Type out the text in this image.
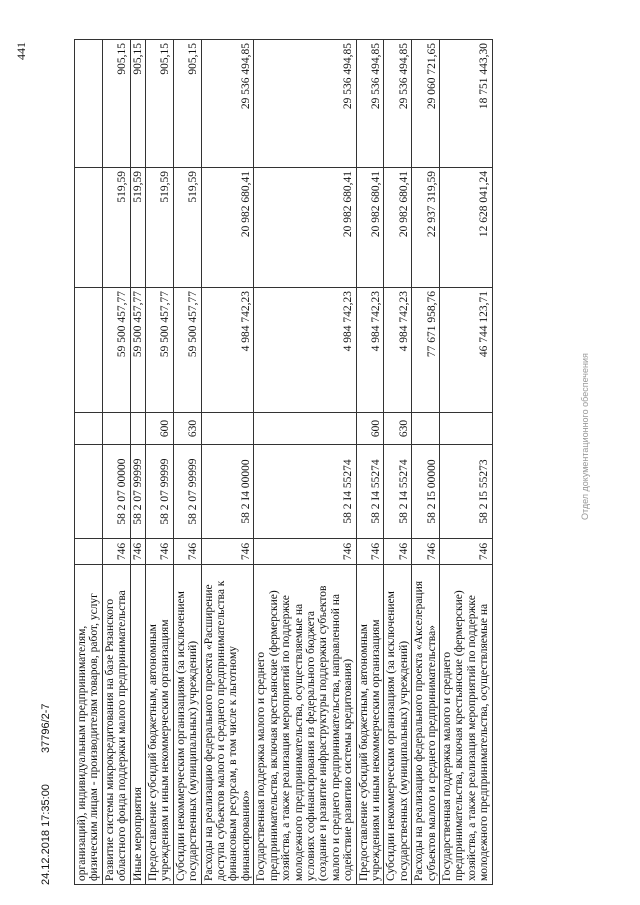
441
организаций), индивидуальным предпринимателям, физическим лицам - производителям товаров, работ, услуг						
Развитие системы микрокредитования на базе Рязанского областного фонда поддержки малого предпринимательства	746	58 2 07 00000		59 500 457,77	519,59	905,15
Иные мероприятия	746	58 2 07 99999		59 500 457,77	519,59	905,15
Предоставление субсидий бюджетным, автономным учреждениям и иным некоммерческим организациям	746	58 2 07 99999	600	59 500 457,77	519,59	905,15
Субсидии некоммерческим организациям (за исключением государственных (муниципальных) учреждений)	746	58 2 07 99999	630	59 500 457,77	519,59	905,15
Расходы на реализацию федерального проекта «Расширение доступа субъектов малого и среднего предпринимательства к финансовым ресурсам, в том числе к льготному финансированию»	746	58 2 I4 00000		4 984 742,23	20 982 680,41	29 536 494,85
Государственная поддержка малого и среднего предпринимательства, включая крестьянские (фермерские) хозяйства, а также реализация мероприятий по поддержке молодежного предпринимательства, осуществляемые на условиях софинансирования из федерального бюджета (создание и развитие инфраструктуры поддержки субъектов малого и среднего предпринимательства, направленной на содействие развитию системы кредитования)	746	58 2 I4 55274		4 984 742,23	20 982 680,41	29 536 494,85
Предоставление субсидий бюджетным, автономным учреждениям и иным некоммерческим организациям	746	58 2 I4 55274	600	4 984 742,23	20 982 680,41	29 536 494,85
Субсидии некоммерческим организациям (за исключением государственных (муниципальных) учреждений)	746	58 2 I4 55274	630	4 984 742,23	20 982 680,41	29 536 494,85
Расходы на реализацию федерального проекта «Акселерация субъектов малого и среднего предпринимательства»	746	58 2 I5 00000		77 671 958,76	22 937 319,59	29 060 721,65
Государственная поддержка малого и среднего предпринимательства, включая крестьянские (фермерские) хозяйства, а также реализация мероприятий по поддержке молодежного предпринимательства, осуществляемые на	746	58 2 I5 55273		46 744 123,71	12 628 041,24	18 751 443,30
24.12.2018 17:35:00 37796/2-7
Отдел документационного обеспечения
